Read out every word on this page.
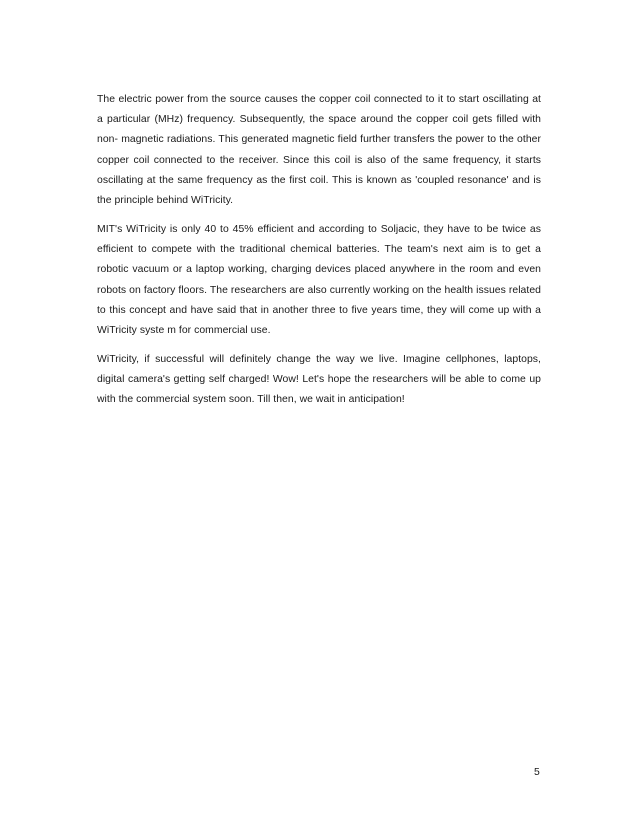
The electric power from the source causes the copper coil connected to it to start oscillating at a particular (MHz) frequency. Subsequently, the space around the copper coil gets filled with non- magnetic radiations. This generated magnetic field further transfers the power to the other copper coil connected to the receiver. Since this coil is also of the same frequency, it starts oscillating at the same frequency as the first coil. This is known as 'coupled resonance' and is the principle behind WiTricity.

MIT's WiTricity is only 40 to 45% efficient and according to Soljacic, they have to be twice as efficient to compete with the traditional chemical batteries. The team's next aim is to get a robotic vacuum or a laptop working, charging devices placed anywhere in the room and even robots on factory floors. The researchers are also currently working on the health issues related to this concept and have said that in another three to five years time, they will come up with a WiTricity syste m for commercial use.

WiTricity, if successful will definitely change the way we live. Imagine cellphones, laptops, digital camera's getting self charged! Wow! Let's hope the researchers will be able to come up with the commercial system soon. Till then, we wait in anticipation!

5
